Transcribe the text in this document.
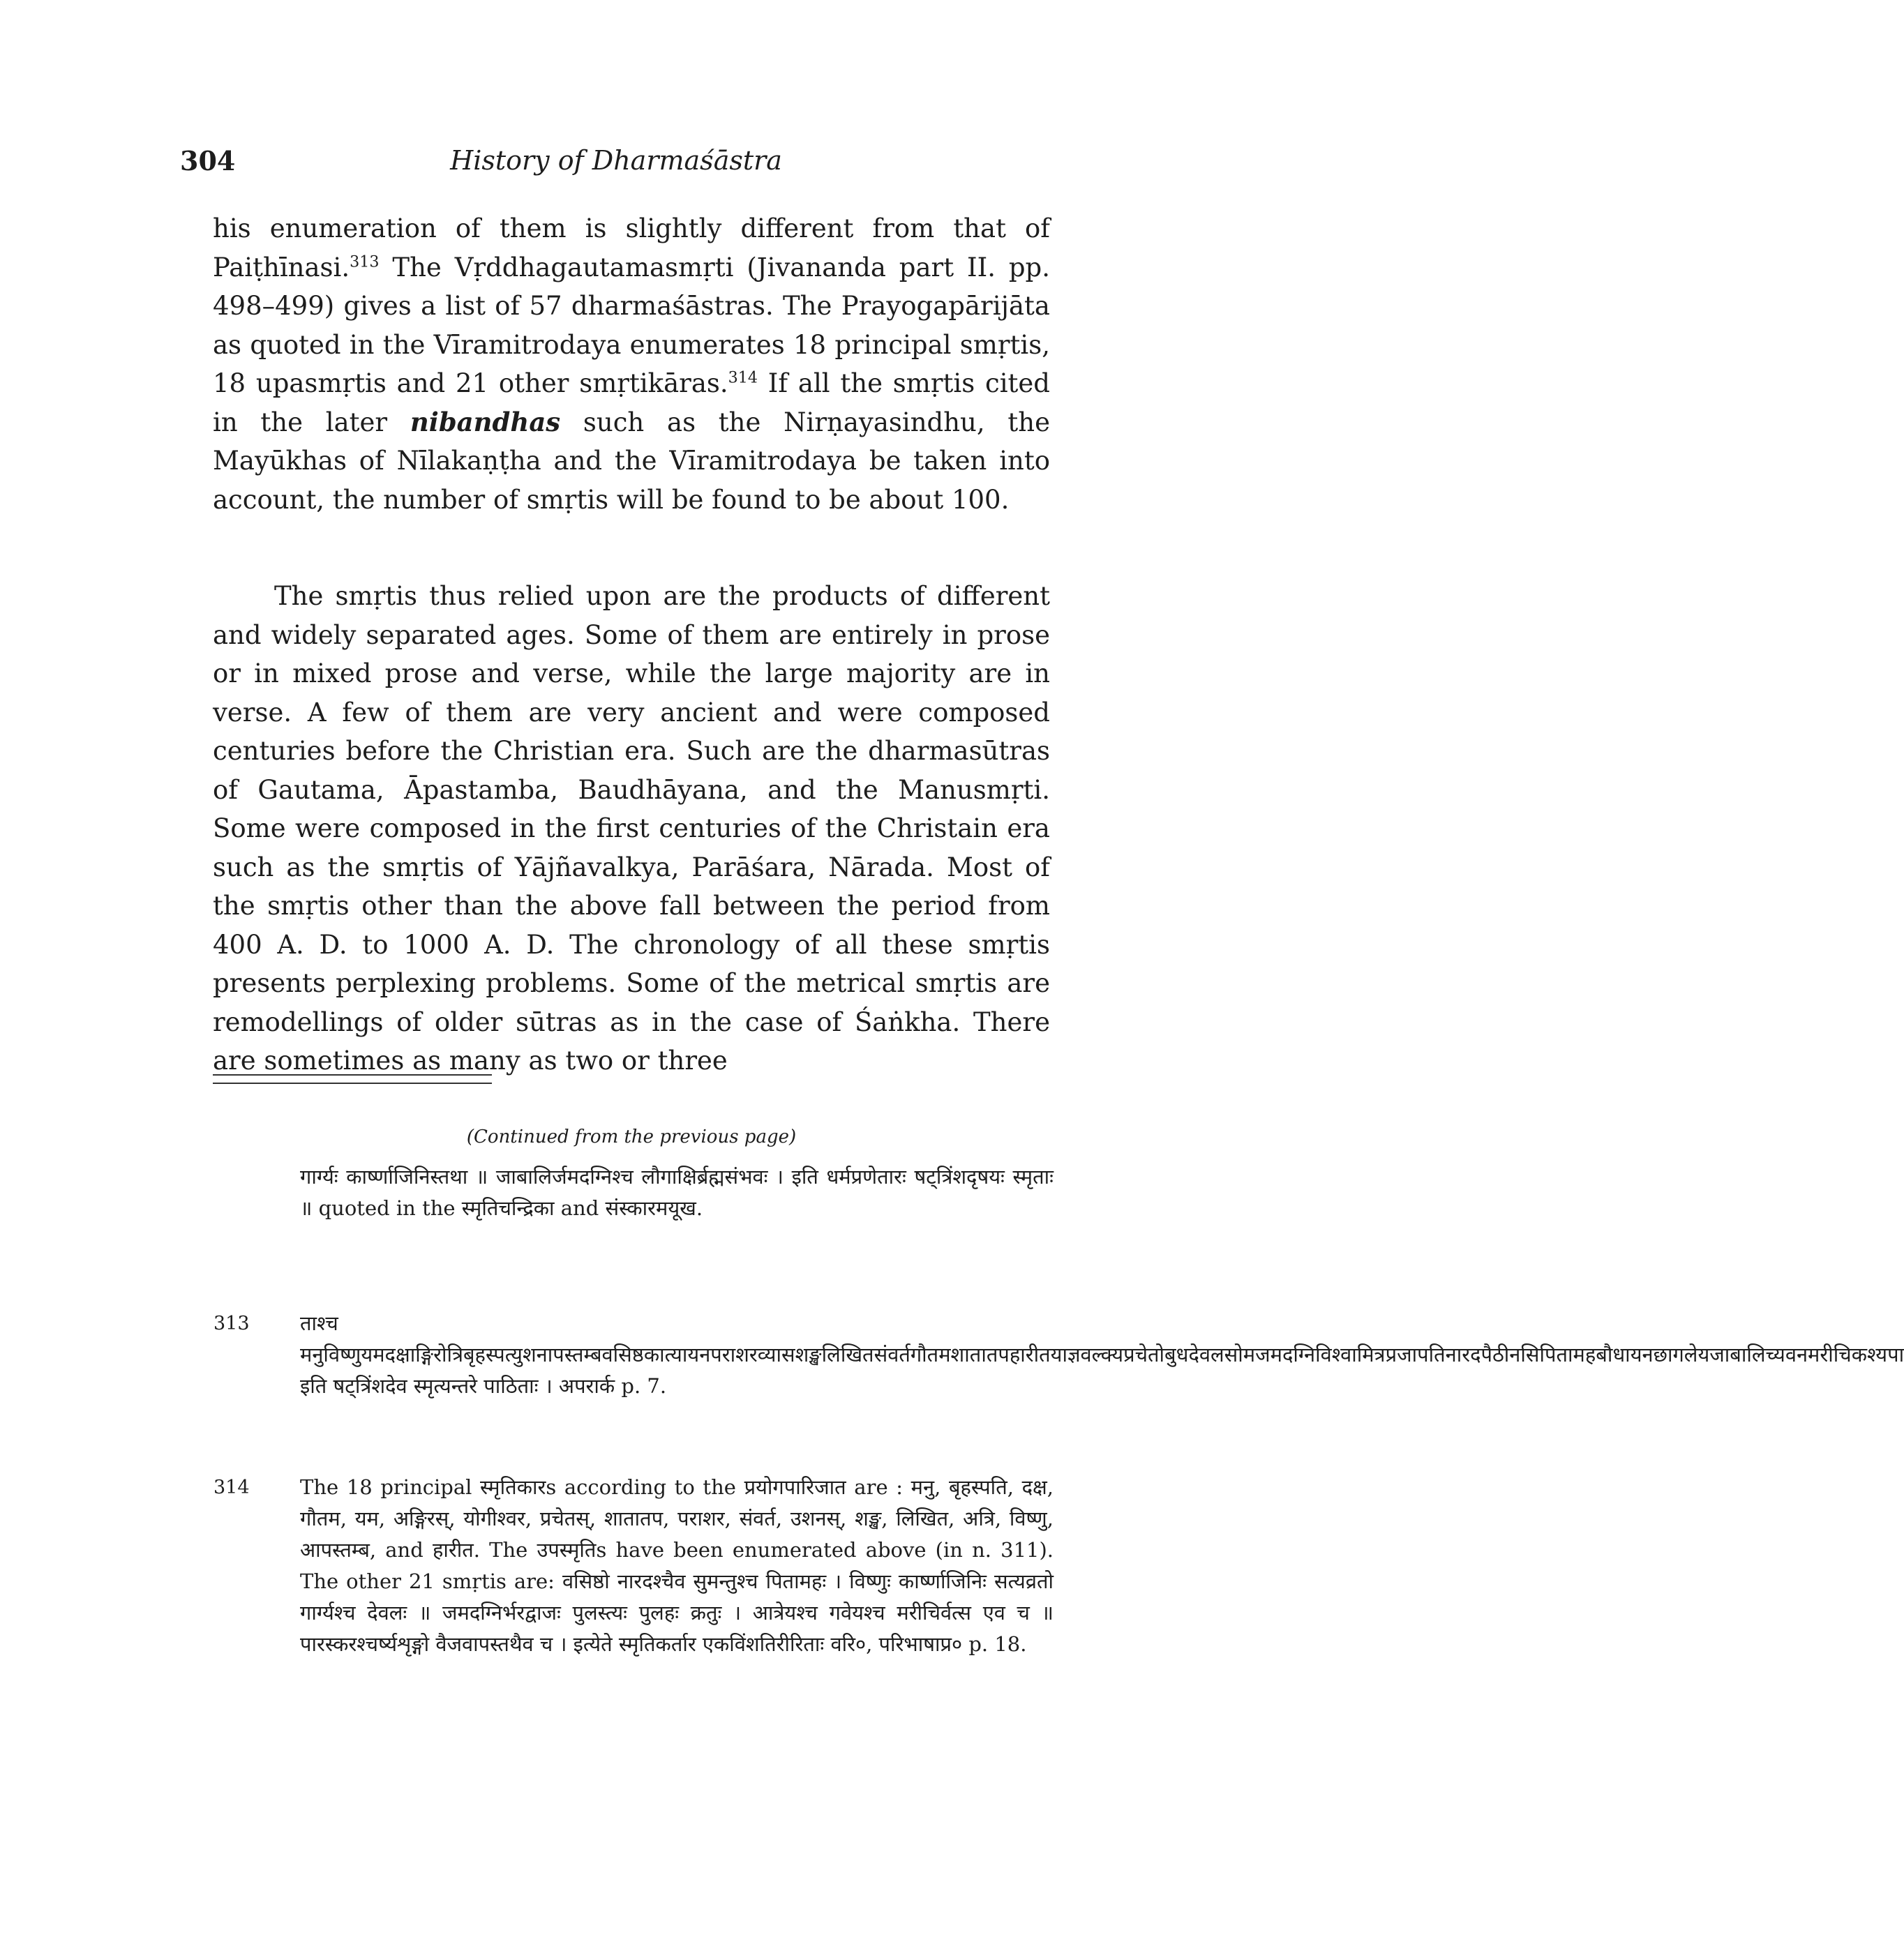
304	History of Dharmaśāstra

his enumeration of them is slightly different from that of Paiṭhīnasi.$^{313}$ The Vṛddhagautamasmṛti (Jivananda part II. pp. 498–499) gives a list of 57 dharmaśāstras. The Prayogapārijāta as quoted in the Vīramitrodaya enumerates 18 principal smṛtis, 18 upasmṛtis and 21 other smṛtikāras.$^{314}$ If all the smṛtis cited in the later nibandhas such as the Nirṇayasindhu, the Mayūkhas of Nīlakaṇṭha and the Vīramitrodaya be taken into account, the number of smṛtis will be found to be about 100.

The smṛtis thus relied upon are the products of different and widely separated ages. Some of them are entirely in prose or in mixed prose and verse, while the large majority are in verse. A few of them are very ancient and were composed centuries before the Christian era. Such are the dharmasūtras of Gautama, Āpastamba, Baudhāyana, and the Manusmṛti. Some were composed in the first centuries of the Christain era such as the smṛtis of Yājñavalkya, Parāśara, Nārada. Most of the smṛtis other than the above fall between the period from 400 A. D. to 1000 A. D. The chronology of all these smṛtis presents perplexing problems. Some of the metrical smṛtis are remodellings of older sūtras as in the case of Śaṅkha. There are sometimes as many as two or three

(Continued from the previous page)

गार्ग्यः कार्ष्णाजिनिस्तथा ॥ जाबालिर्जमदग्निश्च लौगाक्षिर्ब्रह्मसंभवः । इति धर्मप्रणेतारः षट्त्रिंशदृषयः स्मृताः ॥ quoted in the स्मृतिचन्द्रिका and संस्कारमयूख.

313 ताश्च मनुविष्णुयमदक्षाङ्गिरोत्रिबृहस्पत्युशनापस्तम्बवसिष्ठकात्यायनपराशरव्यासशङ्खलिखितसंवर्तगौतमशातातपहारीतयाज्ञवल्क्यप्रचेतोबुधदेवलसोमजमदग्निविश्वामित्रप्रजापतिनारदपैठीनसिपितामहबौधायनछागलेयजाबालिच्यवनमरीचिकश्यपा इति षट्त्रिंशदेव स्मृत्यन्तरे पाठिताः । अपरार्क p. 7.

314 The 18 principal स्मृतिकारs according to the प्रयोगपारिजात are : मनु, बृहस्पति, दक्ष, गौतम, यम, अङ्गिरस्, योगीश्वर, प्रचेतस्, शातातप, पराशर, संवर्त, उशनस्, शङ्ख, लिखित, अत्रि, विष्णु, आपस्तम्ब, and हारीत. The उपस्मृतिs have been enumerated above (in n. 311). The other 21 smṛtis are: वसिष्ठो नारदश्चैव सुमन्तुश्च पितामहः । विष्णुः कार्ष्णाजिनिः सत्यव्रतो गार्ग्यश्च देवलः ॥ जमदग्निर्भरद्वाजः पुलस्त्यः पुलहः क्रतुः । आत्रेयश्च गवेयश्च मरीचिर्वत्स एव च ॥ पारस्करश्चर्ष्यशृङ्गो वैजवापस्तथैव च । इत्येते स्मृतिकर्तार एकविंशतिरीरिताः वरि०, परिभाषाप्र० p. 18.
